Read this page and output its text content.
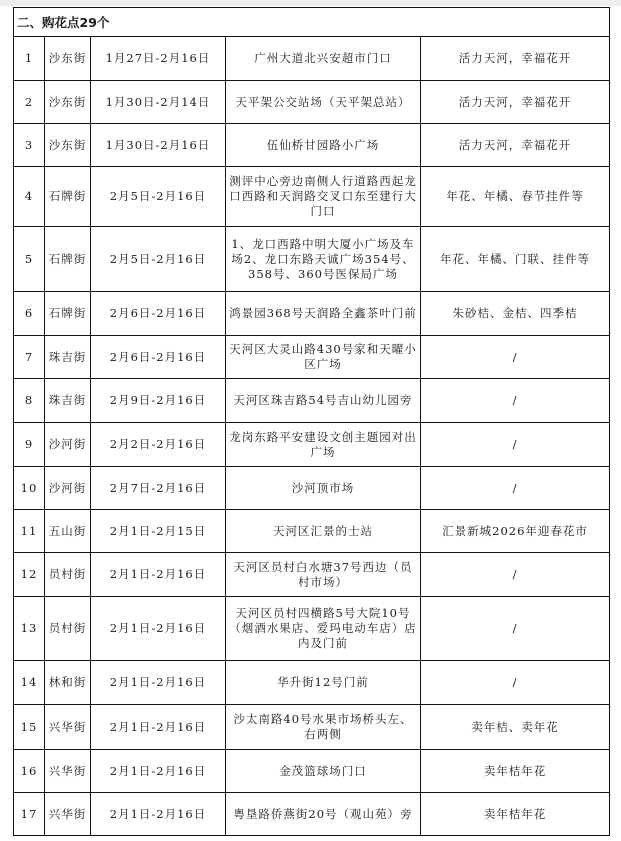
二、购花点29个				
1	沙东街	1月27日-2月16日	广州大道北兴安超市门口	活力天河，幸福花开
2	沙东街	1月30日-2月14日	天平架公交站场（天平架总站）	活力天河，幸福花开
3	沙东街	1月30日-2月16日	伍仙桥甘园路小广场	活力天河，幸福花开
4	石牌街	2月5日-2月16日	测评中心旁边南侧人行道路西起龙口西路和天润路交叉口东至建行大门口	年花、年橘、春节挂件等
5	石牌街	2月5日-2月16日	1、龙口西路中明大厦小广场及车场2、龙口东路天诚广场354号、358号、360号医保局广场	年花、年橘、门联、挂件等
6	石牌街	2月6日-2月16日	鸿景园368号天润路全鑫茶叶门前	朱砂桔、金桔、四季桔
7	珠吉街	2月6日-2月16日	天河区大灵山路430号家和天曜小区广场	/
8	珠吉街	2月9日-2月16日	天河区珠吉路54号吉山幼儿园旁	/
9	沙河街	2月2日-2月16日	龙岗东路平安建设文创主题园对出广场	/
10	沙河街	2月7日-2月16日	沙河顶市场	/
11	五山街	2月1日-2月15日	天河区汇景的士站	汇景新城2026年迎春花市
12	员村街	2月1日-2月16日	天河区员村白水塘37号西边（员村市场）	/
13	员村街	2月1日-2月16日	天河区员村四横路5号大院10号（烟酒水果店、爱玛电动车店）店内及门前	/
14	林和街	2月1日-2月16日	华升街12号门前	/
15	兴华街	2月1日-2月16日	沙太南路40号水果市场桥头左、右两侧	卖年桔、卖年花
16	兴华街	2月1日-2月16日	金茂篮球场门口	卖年桔年花
17	兴华街	2月1日-2月16日	粤垦路侨燕街20号（观山苑）旁	卖年桔年花
